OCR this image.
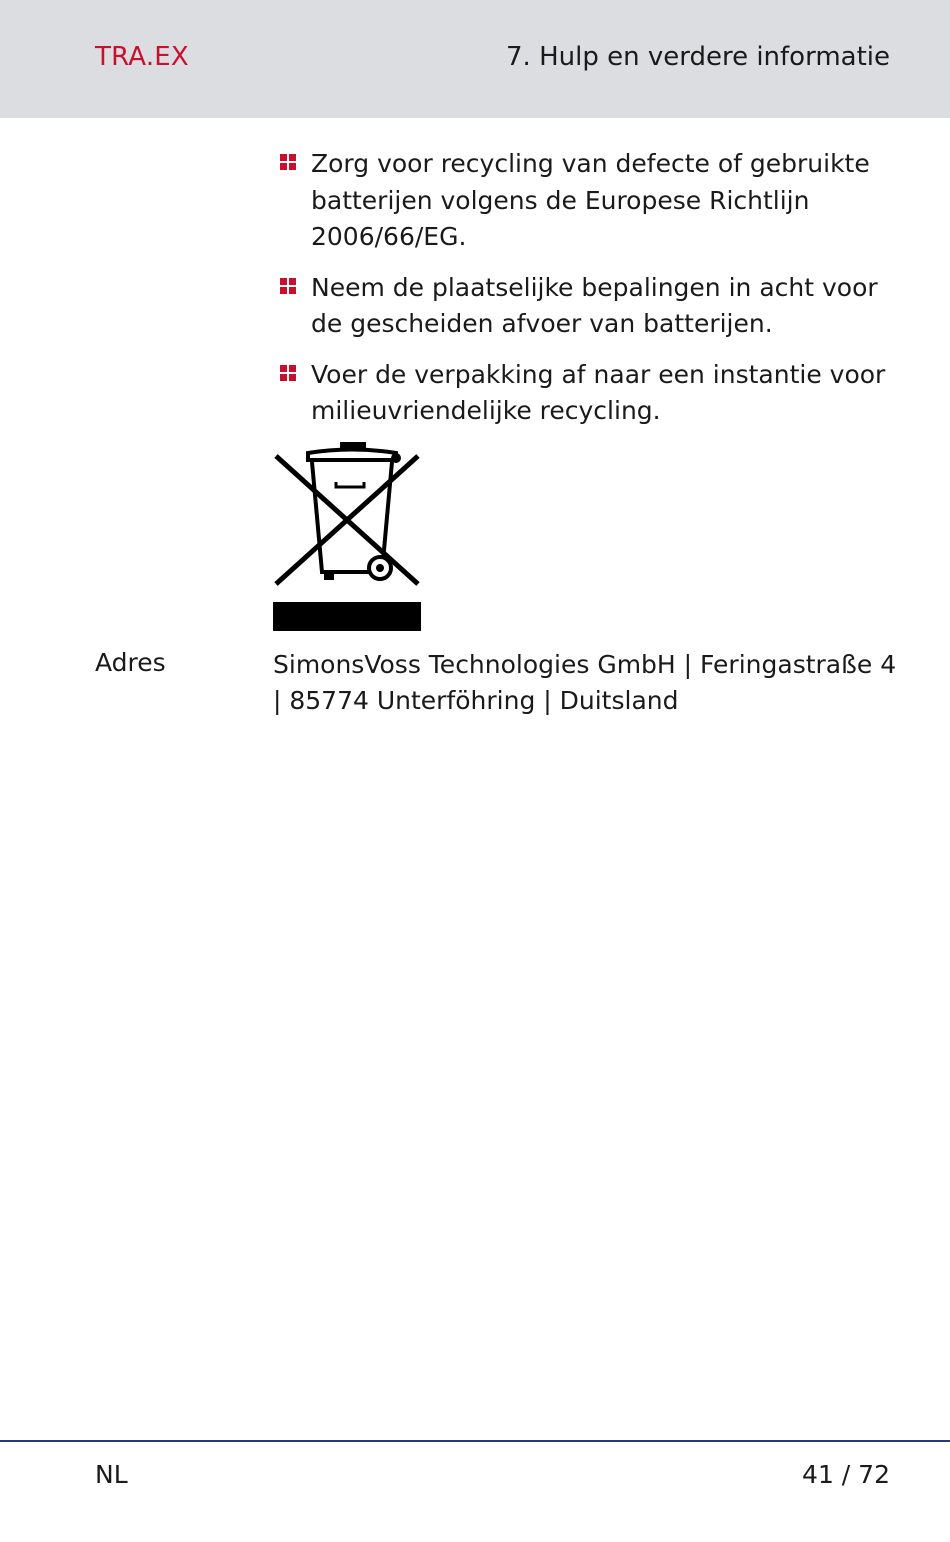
TRA.EX	7. Hulp en verdere informatie
Zorg voor recycling van defecte of gebruikte batterijen volgens de Europese Richtlijn 2006/66/EG.
Neem de plaatselijke bepalingen in acht voor de gescheiden afvoer van batterijen.
Voer de verpakking af naar een instantie voor milieuvriendelijke recycling.
Adres	SimonsVoss Technologies GmbH | Feringastraße 4 | 85774 Unterföhring | Duitsland
NL	41 / 72
